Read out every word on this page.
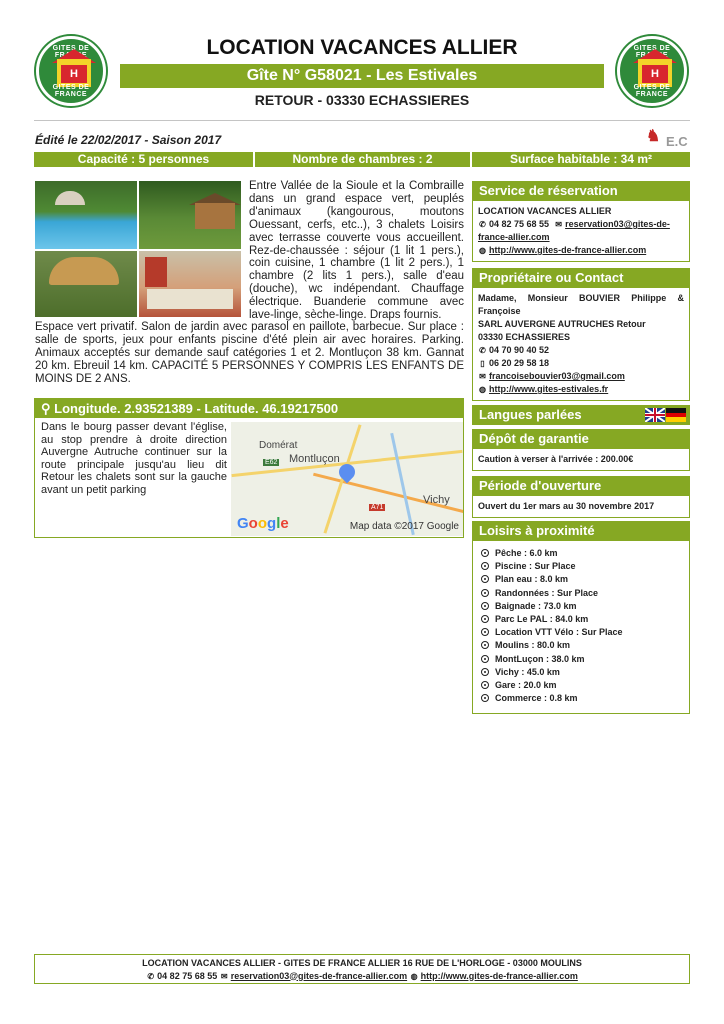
GITES DE FRANCE
H
GITES DE FRANCE
GITES DE FRANCE
H
GITES DE FRANCE
LOCATION VACANCES ALLIER
Gîte N° G58021 - Les Estivales
RETOUR - 03330 ECHASSIERES
Édité le 22/02/2017 - Saison 2017	♞ E.C
Capacité : 5 personnes	Nombre de chambres : 2	Surface habitable : 34 m²
Entre Vallée de la Sioule et la Combraille dans un grand espace vert, peuplés d'animaux (kangourous, moutons Ouessant, cerfs, etc..), 3 chalets Loisirs avec terrasse couverte vous accueillent. Rez-de-chaussée : séjour (1 lit 1 pers.), coin cuisine, 1 chambre (1 lit 2 pers.), 1 chambre (2 lits 1 pers.), salle d'eau (douche), wc indépendant. Chauffage électrique. Buanderie commune avec lave-linge, sèche-linge. Draps fournis.
Espace vert privatif. Salon de jardin avec parasol en paillote, barbecue. Sur place : salle de sports, jeux pour enfants piscine d'été plein air avec horaires. Parking. Animaux acceptés sur demande sauf catégories 1 et 2. Montluçon 38 km. Gannat 20 km. Ebreuil 14 km. CAPACITÉ 5 PERSONNES Y COMPRIS LES ENFANTS DE MOINS DE 2 ANS.
⚲ Longitude. 2.93521389 - Latitude. 46.19217500
Dans le bourg passer devant l'église, au stop prendre à droite direction Auvergne Autruche continuer sur la route principale jusqu'au lieu dit Retour les chalets sont sur la gauche avant un petit parking
Domérat
Montluçon
Vichy
E62
A71
Google	Map data ©2017 Google
Service de réservation
LOCATION VACANCES ALLIER
✆ 04 82 75 68 55 ✉ reservation03@gites-de-france-allier.com
◍ http://www.gites-de-france-allier.com
Propriétaire ou Contact
Madame, Monsieur BOUVIER Philippe & Françoise
SARL AUVERGNE AUTRUCHES Retour
03330 ECHASSIERES
✆ 04 70 90 40 52
▯ 06 20 29 58 18
✉ francoisebouvier03@gmail.com
◍ http://www.gites-estivales.fr
Langues parlées
Dépôt de garantie
Caution à verser à l'arrivée : 200.00€
Période d'ouverture
Ouvert du 1er mars au 30 novembre 2017
Loisirs à proximité
Pêche : 6.0 km
Piscine : Sur Place
Plan eau : 8.0 km
Randonnées : Sur Place
Baignade : 73.0 km
Parc Le PAL : 84.0 km
Location VTT Vélo : Sur Place
Moulins : 80.0 km
MontLuçon : 38.0 km
Vichy : 45.0 km
Gare : 20.0 km
Commerce : 0.8 km
LOCATION VACANCES ALLIER - GITES DE FRANCE ALLIER 16 RUE DE L'HORLOGE - 03000 MOULINS
✆ 04 82 75 68 55 ✉ reservation03@gites-de-france-allier.com ◍ http://www.gites-de-france-allier.com
